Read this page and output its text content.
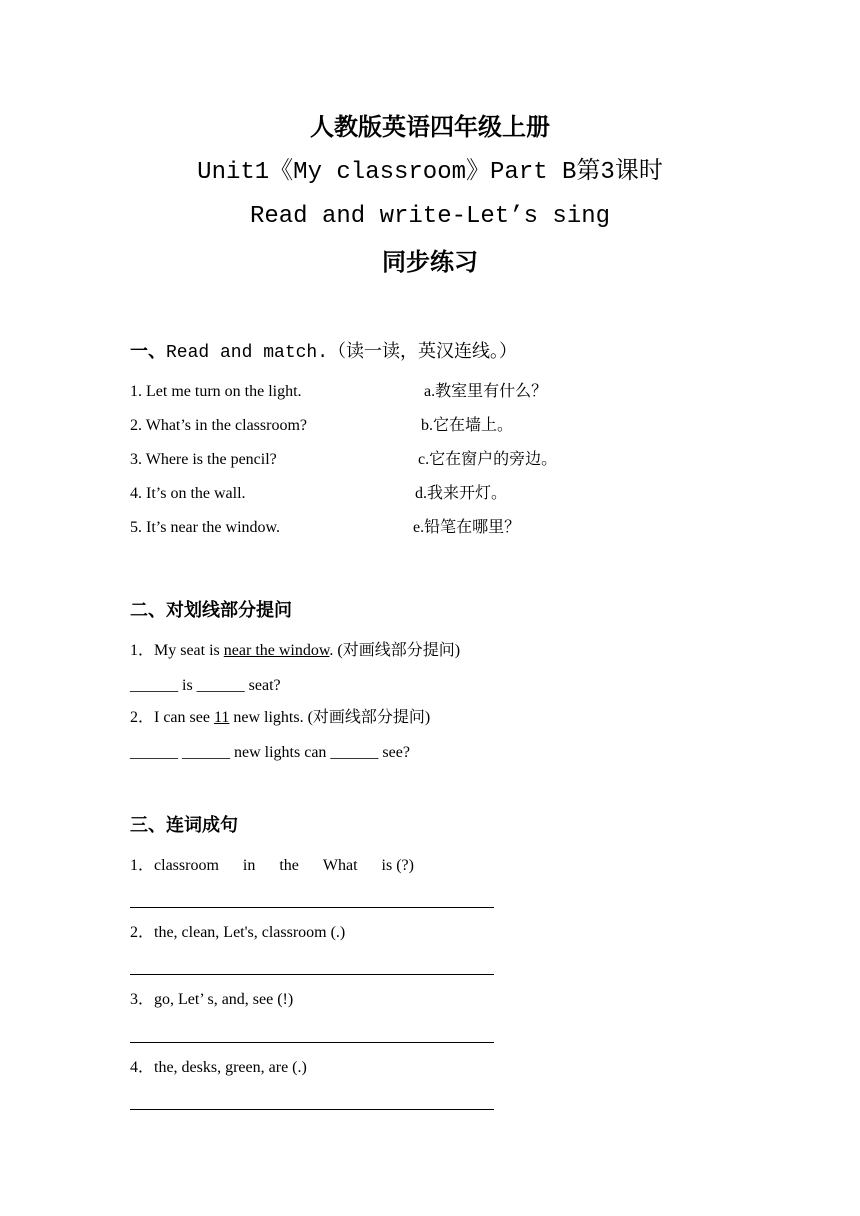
人教版英语四年级上册
Unit1《My classroom》Part B第3课时
Read and write-Let’s sing
同步练习
一、Read and match.（读一读，英汉连线。）
1. Let me turn on the light.	a.教室里有什么？
2. What’s in the classroom?	b.它在墙上。
3. Where is the pencil?	c.它在窗户的旁边。
4. It’s on the wall.	d.我来开灯。
5. It’s near the window.	e.铅笔在哪里？
二、对划线部分提问
1．My seat is near the window. (对画线部分提问)
______ is ______ seat?
2．I can see 11 new lights. (对画线部分提问)
______ ______ new lights can ______ see?
三、连词成句
1．classroom in the What is (?)
2．the, clean, Let's, classroom (.)
3．go, Let’ s, and, see (!)
4．the, desks, green, are (.)
